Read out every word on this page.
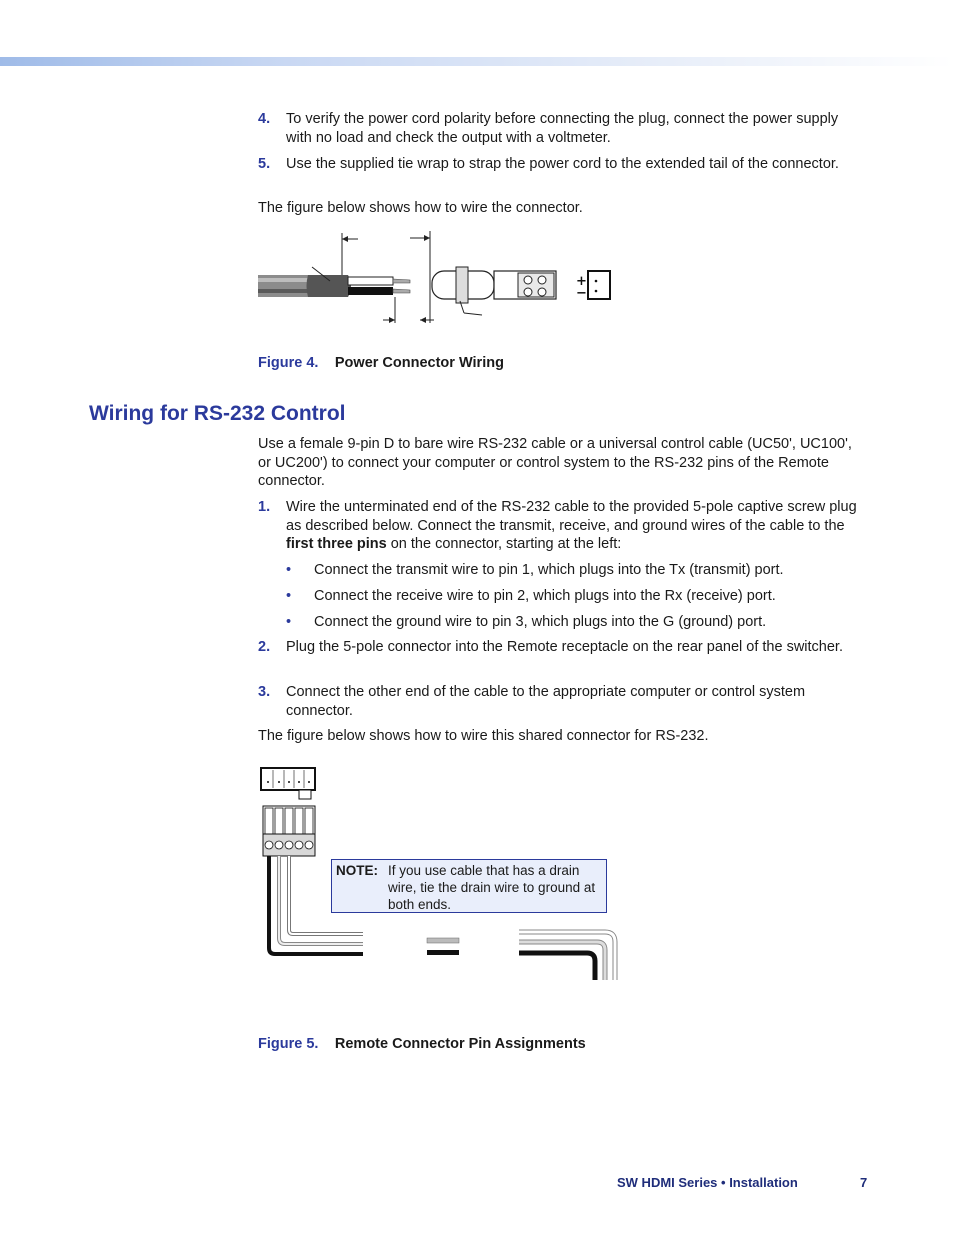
4. To verify the power cord polarity before connecting the plug, connect the power supply with no load and check the output with a voltmeter.
5. Use the supplied tie wrap to strap the power cord to the extended tail of the connector.
The figure below shows how to wire the connector.
+
−
Figure 4. Power Connector Wiring
Wiring for RS-232 Control
Use a female 9-pin D to bare wire RS-232 cable or a universal control cable (UC50', UC100', or UC200') to connect your computer or control system to the RS-232 pins of the Remote connector.
1. Wire the unterminated end of the RS-232 cable to the provided 5-pole captive screw plug as described below. Connect the transmit, receive, and ground wires of the cable to the first three pins on the connector, starting at the left:
• Connect the transmit wire to pin 1, which plugs into the Tx (transmit) port.
• Connect the receive wire to pin 2, which plugs into the Rx (receive) port.
• Connect the ground wire to pin 3, which plugs into the G (ground) port.
2. Plug the 5-pole connector into the Remote receptacle on the rear panel of the switcher.
3. Connect the other end of the cable to the appropriate computer or control system connector.
The figure below shows how to wire this shared connector for RS-232.
NOTE: If you use cable that has a drain wire, tie the drain wire to ground at both ends.
Figure 5. Remote Connector Pin Assignments
SW HDMI Series • Installation	7
